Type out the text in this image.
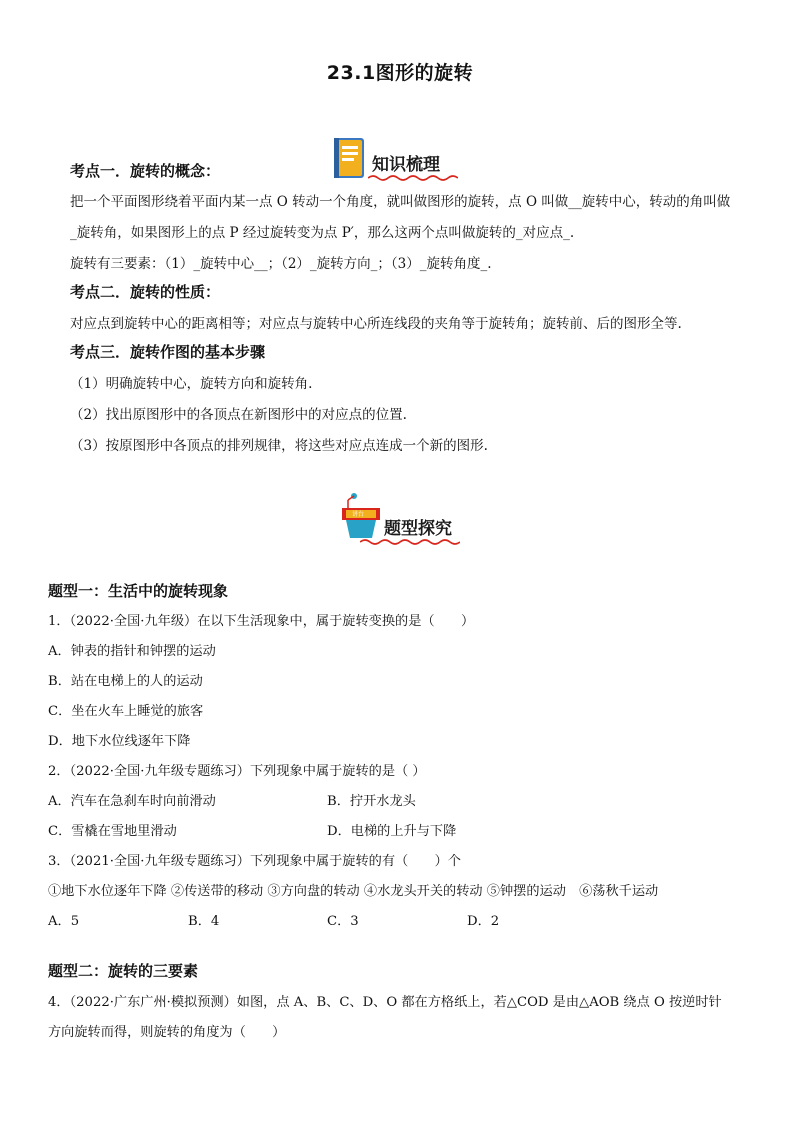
23.1图形的旋转
知识梳理
考点一．旋转的概念：
把一个平面图形绕着平面内某一点 O 转动一个角度，就叫做图形的旋转，点 O 叫做__旋转中心，转动的角叫做
_旋转角，如果图形上的点 P 经过旋转变为点 P′，那么这两个点叫做旋转的_对应点_.
旋转有三要素：（1）_旋转中心__；（2）_旋转方向_；（3）_旋转角度_.
考点二．旋转的性质：
对应点到旋转中心的距离相等；对应点与旋转中心所连线段的夹角等于旋转角；旋转前、后的图形全等.
考点三．旋转作图的基本步骤
（1）明确旋转中心，旋转方向和旋转角.
（2）找出原图形中的各顶点在新图形中的对应点的位置.
（3）按原图形中各顶点的排列规律，将这些对应点连成一个新的图形.
讲台
题型探究
题型一：生活中的旋转现象
1．（2022·全国·九年级）在以下生活现象中，属于旋转变换的是（　　）
A．钟表的指针和钟摆的运动
B．站在电梯上的人的运动
C．坐在火车上睡觉的旅客
D．地下水位线逐年下降
2．（2022·全国·九年级专题练习）下列现象中属于旋转的是（ ）
A．汽车在急刹车时向前滑动	B．拧开水龙头
C．雪橇在雪地里滑动	D．电梯的上升与下降
3．（2021·全国·九年级专题练习）下列现象中属于旋转的有（　　）个
①地下水位逐年下降 ②传送带的移动 ③方向盘的转动 ④水龙头开关的转动 ⑤钟摆的运动　⑥荡秋千运动
A．5	B．4	C．3	D．2
题型二：旋转的三要素
4．（2022·广东广州·模拟预测）如图，点 A、B、C、D、O 都在方格纸上，若△COD 是由△AOB 绕点 O 按逆时针
方向旋转而得，则旋转的角度为（　　）
